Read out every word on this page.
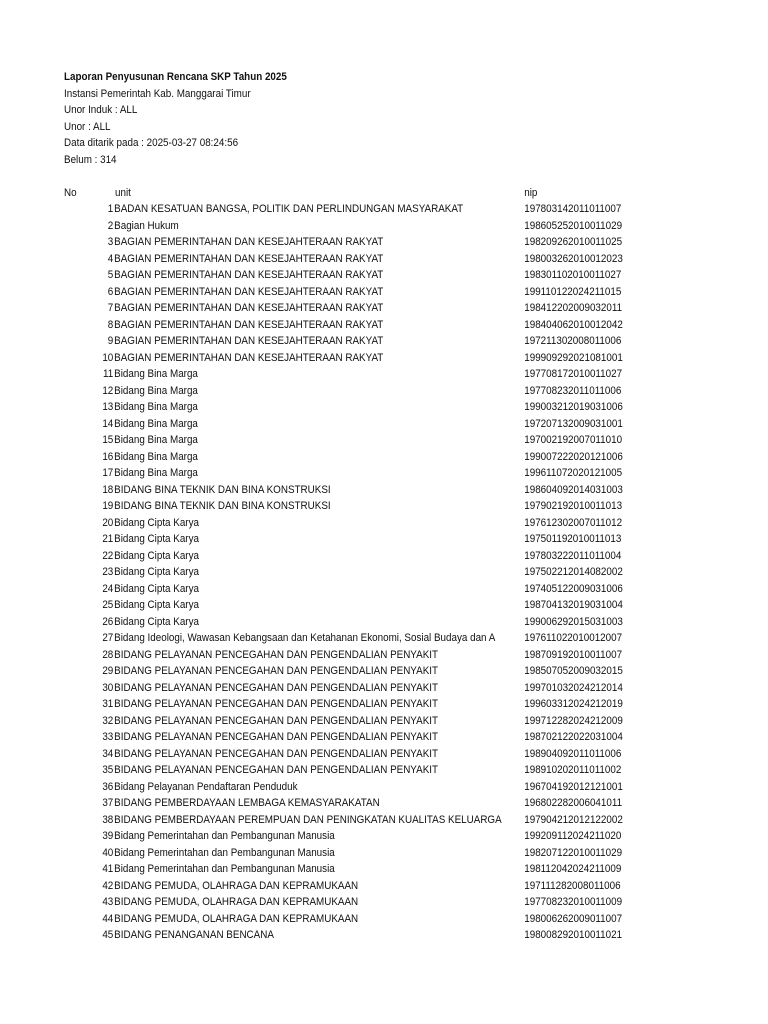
Laporan Penyusunan Rencana SKP Tahun 2025
Instansi Pemerintah Kab. Manggarai Timur
Unor Induk : ALL
Unor : ALL
Data ditarik pada : 2025-03-27 08:24:56
Belum : 314
No	unit	nip
1 BADAN KESATUAN BANGSA, POLITIK DAN PERLINDUNGAN MASYARAKAT	197803142011011007
2 Bagian Hukum	198605252010011029
3 BAGIAN PEMERINTAHAN DAN KESEJAHTERAAN RAKYAT	198209262010011025
4 BAGIAN PEMERINTAHAN DAN KESEJAHTERAAN RAKYAT	198003262010012023
5 BAGIAN PEMERINTAHAN DAN KESEJAHTERAAN RAKYAT	198301102010011027
6 BAGIAN PEMERINTAHAN DAN KESEJAHTERAAN RAKYAT	199110122024211015
7 BAGIAN PEMERINTAHAN DAN KESEJAHTERAAN RAKYAT	198412202009032011
8 BAGIAN PEMERINTAHAN DAN KESEJAHTERAAN RAKYAT	198404062010012042
9 BAGIAN PEMERINTAHAN DAN KESEJAHTERAAN RAKYAT	197211302008011006
10 BAGIAN PEMERINTAHAN DAN KESEJAHTERAAN RAKYAT	199909292021081001
11 Bidang Bina Marga	197708172010011027
12 Bidang Bina Marga	197708232011011006
13 Bidang Bina Marga	199003212019031006
14 Bidang Bina Marga	197207132009031001
15 Bidang Bina Marga	197002192007011010
16 Bidang Bina Marga	199007222020121006
17 Bidang Bina Marga	199611072020121005
18 BIDANG BINA TEKNIK DAN BINA KONSTRUKSI	198604092014031003
19 BIDANG BINA TEKNIK DAN BINA KONSTRUKSI	197902192010011013
20 Bidang Cipta Karya	197612302007011012
21 Bidang Cipta Karya	197501192010011013
22 Bidang Cipta Karya	197803222011011004
23 Bidang Cipta Karya	197502212014082002
24 Bidang Cipta Karya	197405122009031006
25 Bidang Cipta Karya	198704132019031004
26 Bidang Cipta Karya	199006292015031003
27 Bidang Ideologi, Wawasan Kebangsaan dan Ketahanan Ekonomi, Sosial Budaya dan A	197611022010012007
28 BIDANG PELAYANAN PENCEGAHAN DAN PENGENDALIAN PENYAKIT	198709192010011007
29 BIDANG PELAYANAN PENCEGAHAN DAN PENGENDALIAN PENYAKIT	198507052009032015
30 BIDANG PELAYANAN PENCEGAHAN DAN PENGENDALIAN PENYAKIT	199701032024212014
31 BIDANG PELAYANAN PENCEGAHAN DAN PENGENDALIAN PENYAKIT	199603312024212019
32 BIDANG PELAYANAN PENCEGAHAN DAN PENGENDALIAN PENYAKIT	199712282024212009
33 BIDANG PELAYANAN PENCEGAHAN DAN PENGENDALIAN PENYAKIT	198702122022031004
34 BIDANG PELAYANAN PENCEGAHAN DAN PENGENDALIAN PENYAKIT	198904092011011006
35 BIDANG PELAYANAN PENCEGAHAN DAN PENGENDALIAN PENYAKIT	198910202011011002
36 Bidang Pelayanan Pendaftaran Penduduk	196704192012121001
37 BIDANG PEMBERDAYAAN LEMBAGA KEMASYARAKATAN	196802282006041011
38 BIDANG PEMBERDAYAAN PEREMPUAN DAN PENINGKATAN KUALITAS KELUARGA 197904212012122002
39 Bidang Pemerintahan dan Pembangunan Manusia	199209112024211020
40 Bidang Pemerintahan dan Pembangunan Manusia	198207122010011029
41 Bidang Pemerintahan dan Pembangunan Manusia	198112042024211009
42 BIDANG PEMUDA, OLAHRAGA DAN KEPRAMUKAAN	197111282008011006
43 BIDANG PEMUDA, OLAHRAGA DAN KEPRAMUKAAN	197708232010011009
44 BIDANG PEMUDA, OLAHRAGA DAN KEPRAMUKAAN	198006262009011007
45 BIDANG PENANGANAN BENCANA	198008292010011021
